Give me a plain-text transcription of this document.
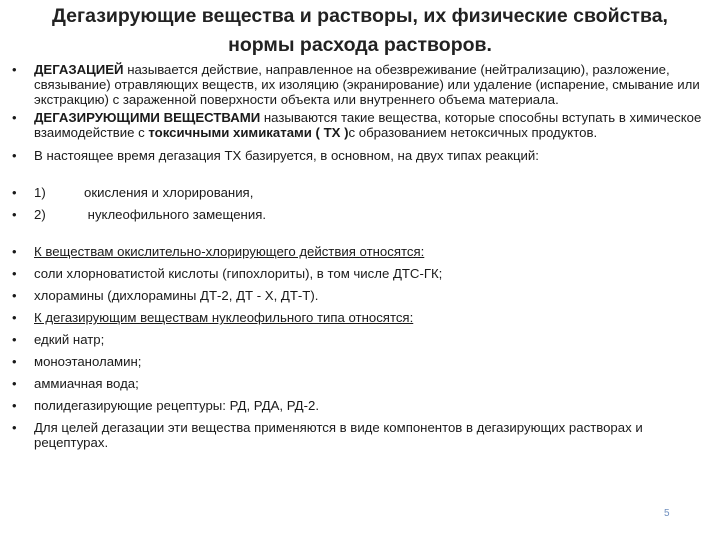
Дегазирующие вещества и растворы, их физические свойства,
нормы расхода растворов.
• ДЕГАЗАЦИЕЙ называется действие, направленное на обезвреживание (нейтрализацию), разложение, связывание) отравляющих веществ, их изоляцию (экранирование) или удаление (испарение, смывание или экстракцию) с зараженной поверхности объекта или внутреннего объема материала.
• ДЕГАЗИРУЮЩИМИ ВЕЩЕСТВАМИ называются такие вещества, которые способны вступать в химическое взаимодействие с токсичными химикатами ( ТХ )с образованием нетоксичных продуктов.
• В настоящее время дегазация ТХ базируется, в основном, на двух типах реакций:
• 1)	окисления и хлорирования,
• 2)	нуклеофильного замещения.
• К веществам окислительно-хлорирующего действия относятся:
• соли хлорноватистой кислоты (гипохлориты), в том числе ДТС-ГК;
• хлорамины (дихлорамины ДТ-2, ДТ - Х, ДТ-Т).
• К дегазирующим веществам нуклеофильного типа относятся:
• едкий натр;
• моноэтаноламин;
• аммиачная вода;
• полидегазирующие рецептуры: РД, РДА, РД-2.
• Для целей дегазации эти вещества применяются в виде компонентов в дегазирующих растворах и рецептурах.
5
